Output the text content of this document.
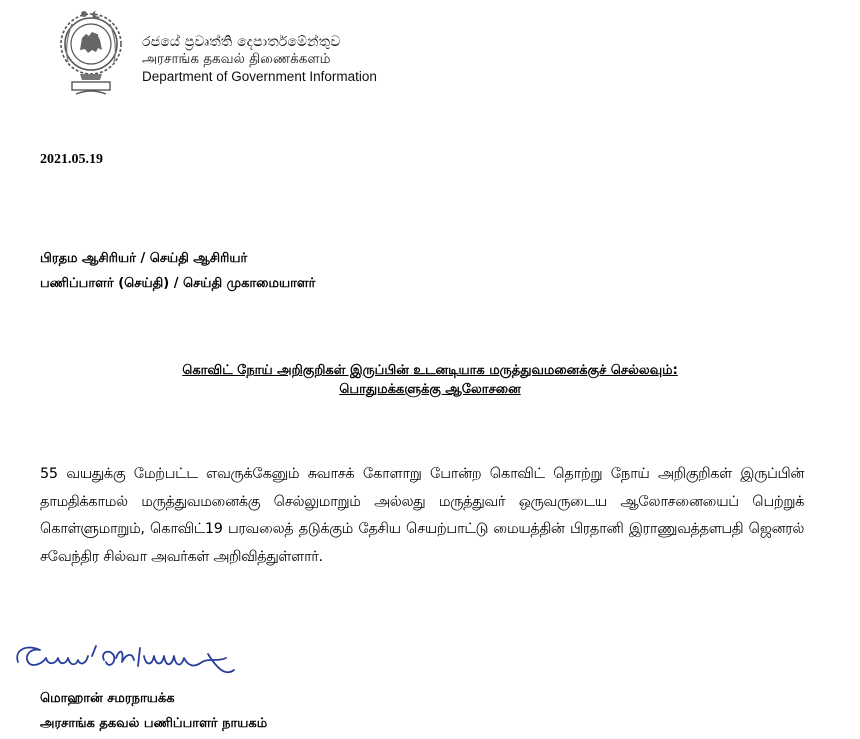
රජයේ ප්‍රවෘත්ති දෙපාර්තමේන්තුව
அரசாங்க தகவல் திணைக்களம்
Department of Government Information
2021.05.19
பிரதம ஆசிரியர் / செய்தி ஆசிரியர்
பணிப்பாளர் (செய்தி) / செய்தி முகாமையாளர்
கொவிட் நோய் அறிகுறிகள் இருப்பின் உடனடியாக மருத்துவமனைக்குச் செல்லவும்:
பொதுமக்களுக்கு ஆலோசனை
55 வயதுக்கு மேற்பட்ட எவருக்கேனும் சுவாசக் கோளாறு போன்ற கொவிட் தொற்று நோய் அறிகுறிகள் இருப்பின் தாமதிக்காமல் மருத்துவமனைக்கு செல்லுமாறும் அல்லது மருத்துவர் ஒருவருடைய ஆலோசனையைப் பெற்றுக் கொள்ளுமாறும், கொவிட்19 பரவலைத் தடுக்கும் தேசிய செயற்பாட்டு மையத்தின் பிரதானி இராணுவத்தளபதி ஜெனரல் சவேந்திர சில்வா அவர்கள் அறிவித்துள்ளார்.
மொஹான் சமரநாயக்க
அரசாங்க தகவல் பணிப்பாளர் நாயகம்
